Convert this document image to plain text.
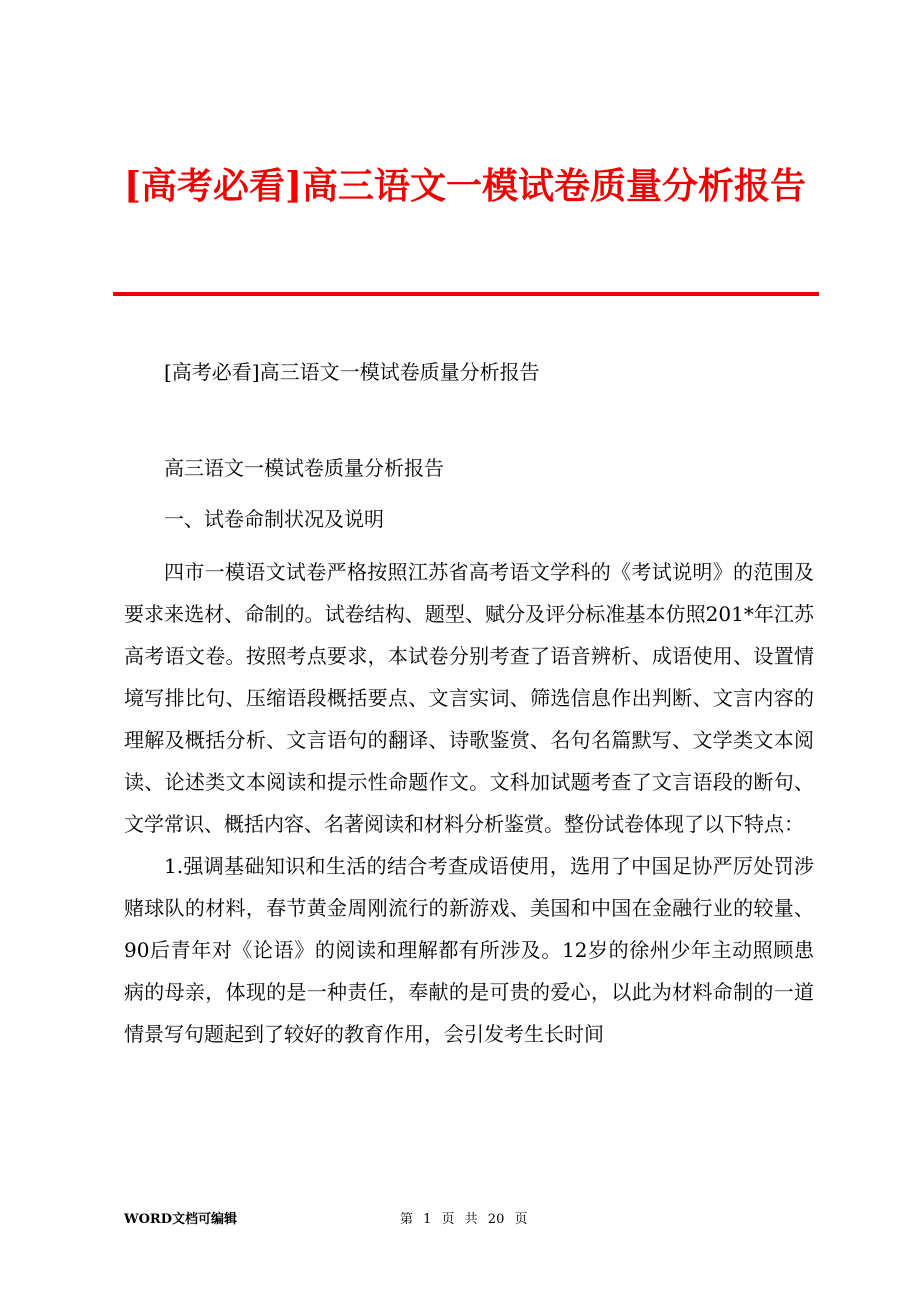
[高考必看]高三语文一模试卷质量分析报告

[高考必看]高三语文一模试卷质量分析报告

高三语文一模试卷质量分析报告

一、试卷命制状况及说明

四市一模语文试卷严格按照江苏省高考语文学科的《考试说明》的范围及要求来选材、命制的。试卷结构、题型、赋分及评分标准基本仿照201*年江苏高考语文卷。按照考点要求，本试卷分别考查了语音辨析、成语使用、设置情境写排比句、压缩语段概括要点、文言实词、筛选信息作出判断、文言内容的理解及概括分析、文言语句的翻译、诗歌鉴赏、名句名篇默写、文学类文本阅读、论述类文本阅读和提示性命题作文。文科加试题考查了文言语段的断句、文学常识、概括内容、名著阅读和材料分析鉴赏。整份试卷体现了以下特点：

1.强调基础知识和生活的结合考查成语使用，选用了中国足协严厉处罚涉赌球队的材料，春节黄金周刚流行的新游戏、美国和中国在金融行业的较量、90后青年对《论语》的阅读和理解都有所涉及。12岁的徐州少年主动照顾患病的母亲，体现的是一种责任，奉献的是可贵的爱心，以此为材料命制的一道情景写句题起到了较好的教育作用，会引发考生长时间

WORD文档可编辑	第 1 页 共 20 页
